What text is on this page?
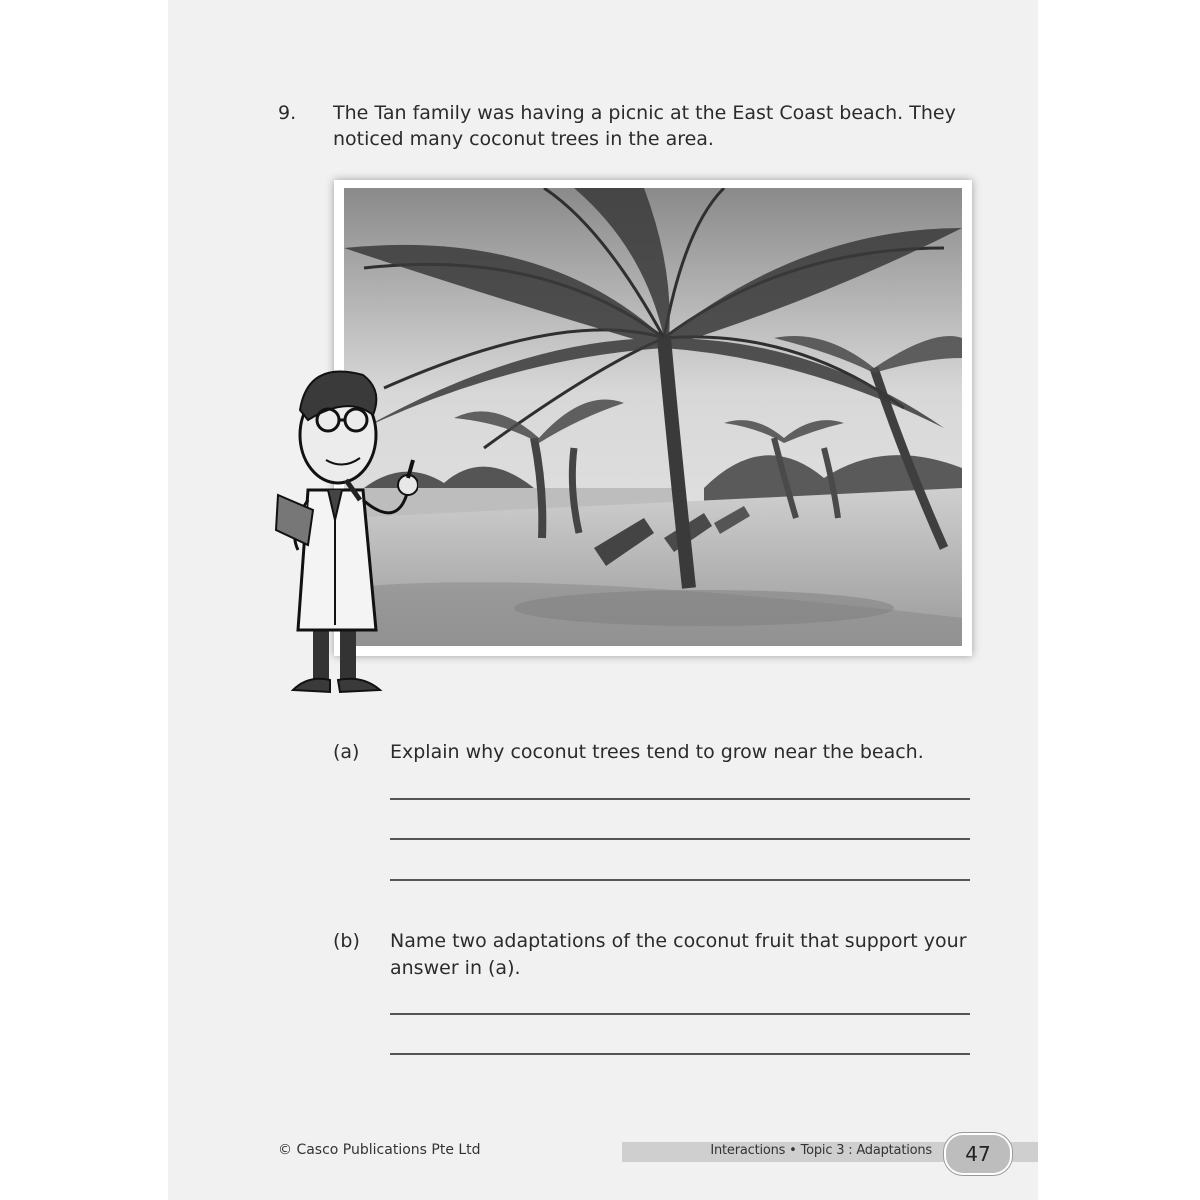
9. The Tan family was having a picnic at the East Coast beach. They noticed many coconut trees in the area.
(a) Explain why coconut trees tend to grow near the beach.
(b) Name two adaptations of the coconut fruit that support your answer in (a).
© Casco Publications Pte Ltd	Interactions • Topic 3 : Adaptations	47
